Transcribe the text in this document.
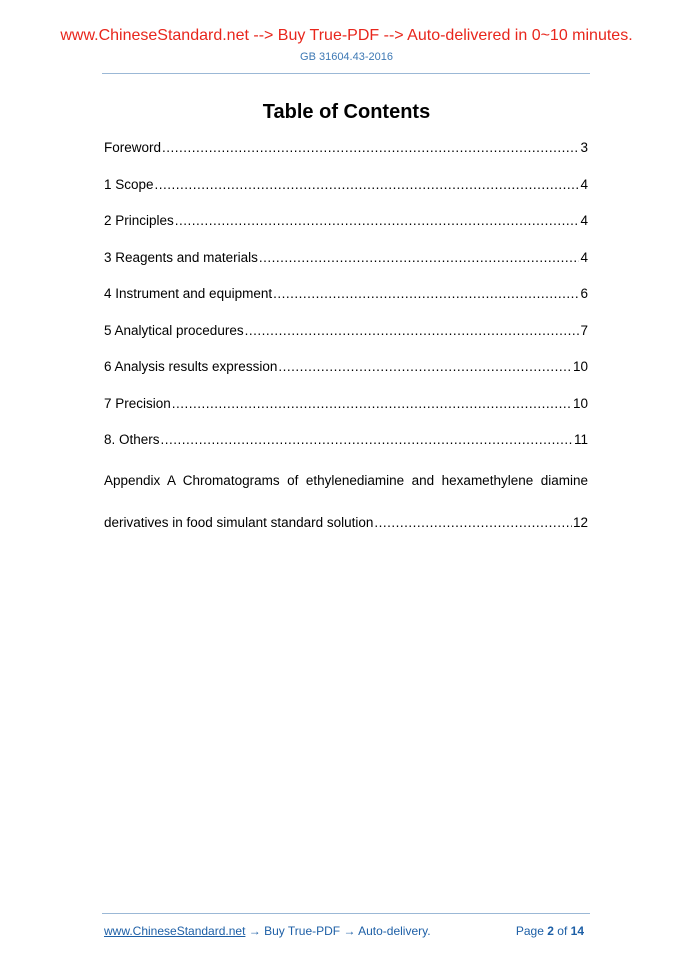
www.ChineseStandard.net --> Buy True-PDF --> Auto-delivered in 0~10 minutes.
GB 31604.43-2016
Table of Contents
Foreword .....	3
1 Scope .....	4
2 Principles .....	4
3 Reagents and materials .....	4
4 Instrument and equipment .....	6
5 Analytical procedures .....	7
6 Analysis results expression .....	10
7 Precision .....	10
8. Others .....	11
Appendix A Chromatograms of ethylenediamine and hexamethylene diamine
derivatives in food simulant standard solution .....	12
www.ChineseStandard.net → Buy True-PDF → Auto-delivery.	Page 2 of 14
